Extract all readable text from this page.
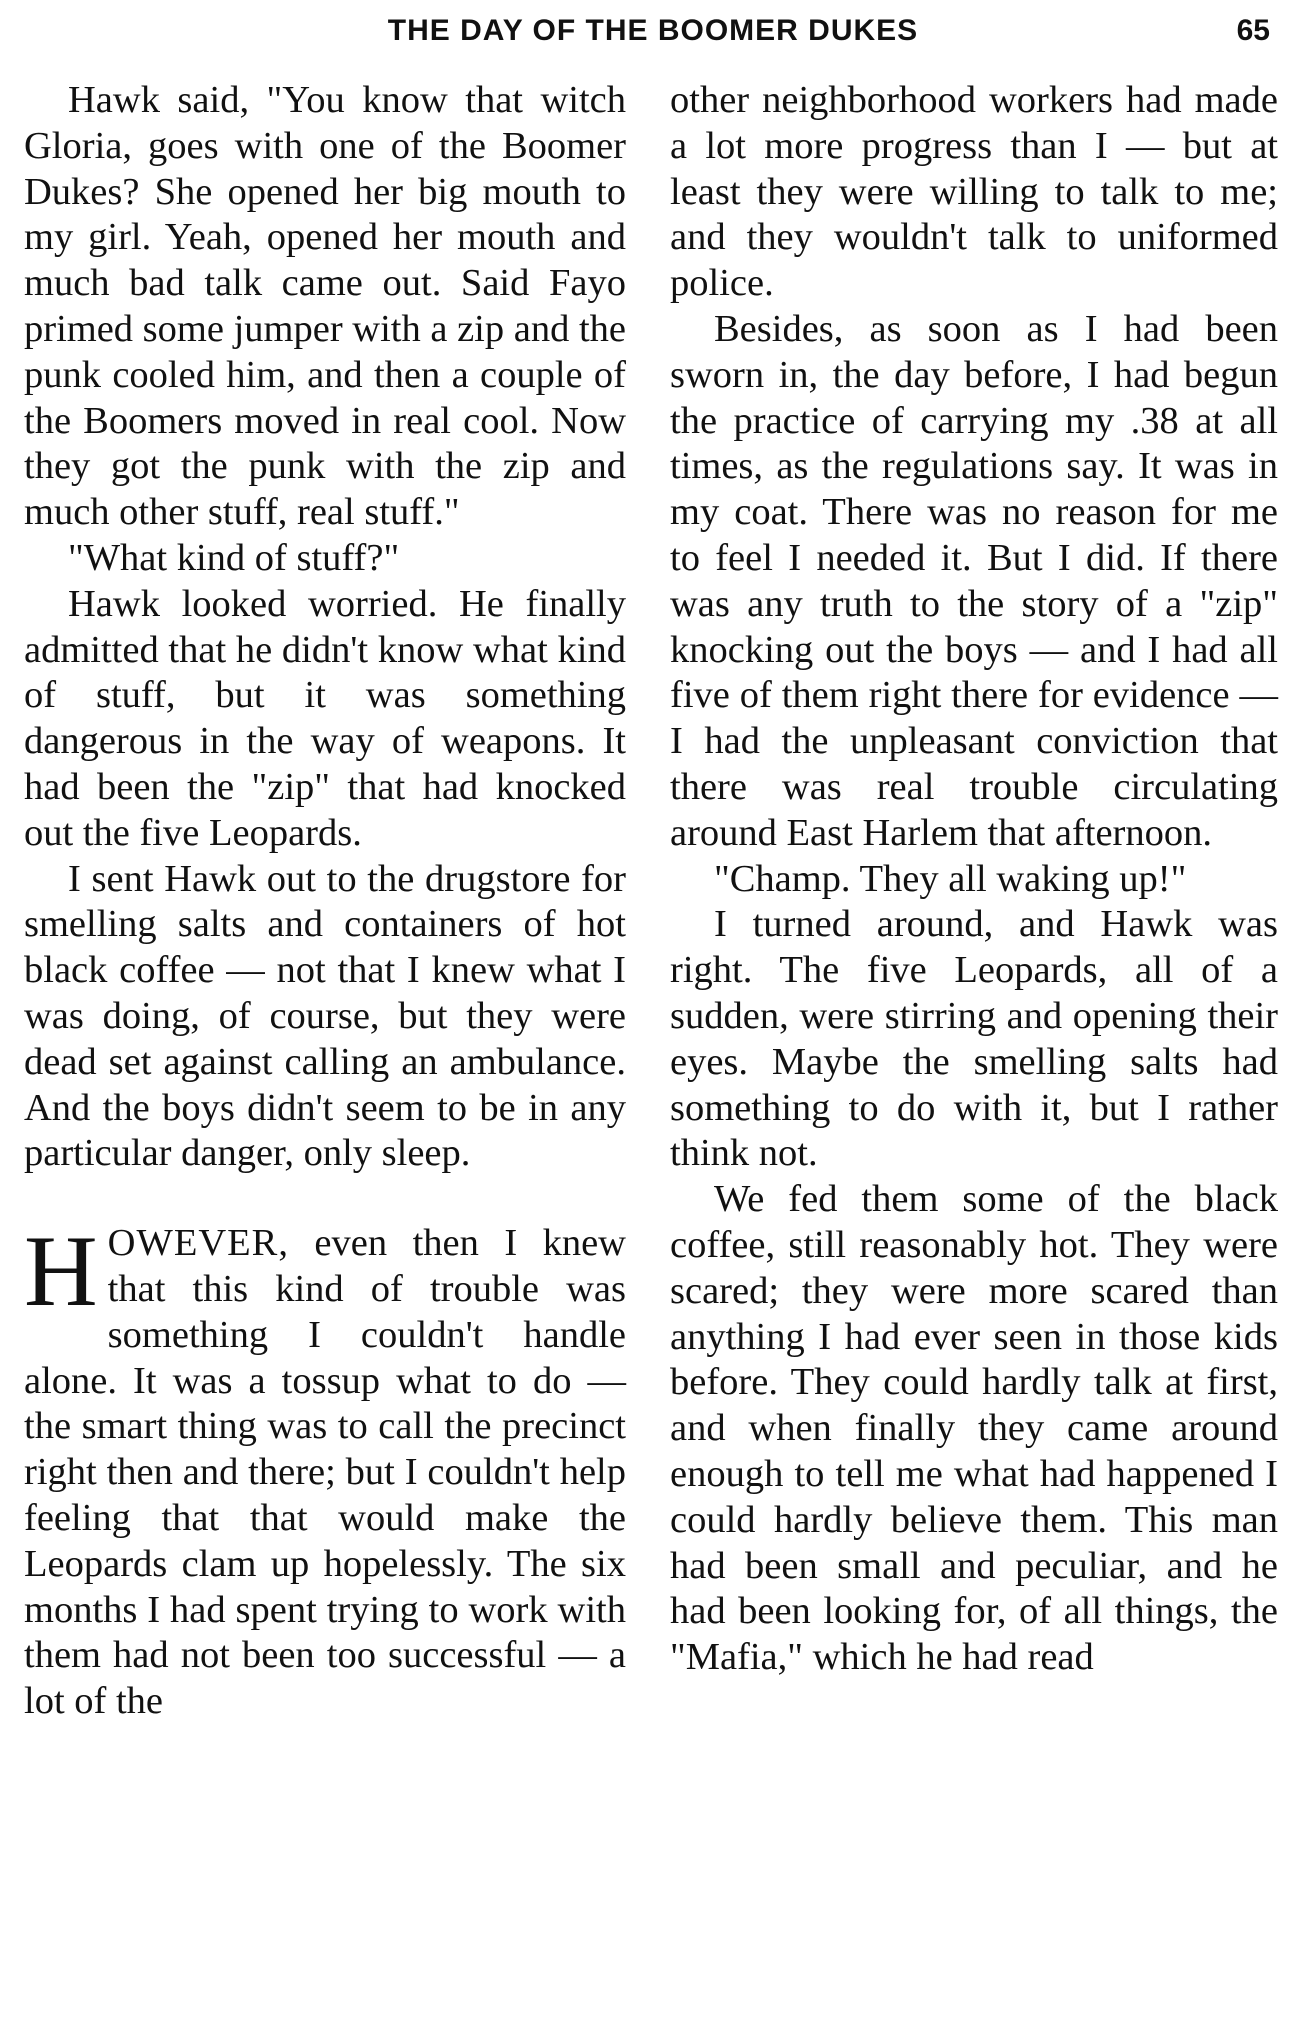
THE DAY OF THE BOOMER DUKES	65

Hawk said, "You know that witch Gloria, goes with one of the Boomer Dukes? She opened her big mouth to my girl. Yeah, opened her mouth and much bad talk came out. Said Fayo primed some jumper with a zip and the punk cooled him, and then a couple of the Boomers moved in real cool. Now they got the punk with the zip and much other stuff, real stuff."

"What kind of stuff?"

Hawk looked worried. He finally admitted that he didn't know what kind of stuff, but it was something dangerous in the way of weapons. It had been the "zip" that had knocked out the five Leopards.

I sent Hawk out to the drugstore for smelling salts and containers of hot black coffee — not that I knew what I was doing, of course, but they were dead set against calling an ambulance. And the boys didn't seem to be in any particular danger, only sleep.

HOWEVER, even then I knew that this kind of trouble was something I couldn't handle alone. It was a tossup what to do — the smart thing was to call the precinct right then and there; but I couldn't help feeling that that would make the Leopards clam up hopelessly. The six months I had spent trying to work with them had not been too successful — a lot of the

other neighborhood workers had made a lot more progress than I — but at least they were willing to talk to me; and they wouldn't talk to uniformed police.

Besides, as soon as I had been sworn in, the day before, I had begun the practice of carrying my .38 at all times, as the regulations say. It was in my coat. There was no reason for me to feel I needed it. But I did. If there was any truth to the story of a "zip" knocking out the boys — and I had all five of them right there for evidence — I had the unpleasant conviction that there was real trouble circulating around East Harlem that afternoon.

"Champ. They all waking up!"

I turned around, and Hawk was right. The five Leopards, all of a sudden, were stirring and opening their eyes. Maybe the smelling salts had something to do with it, but I rather think not.

We fed them some of the black coffee, still reasonably hot. They were scared; they were more scared than anything I had ever seen in those kids before. They could hardly talk at first, and when finally they came around enough to tell me what had happened I could hardly believe them. This man had been small and peculiar, and he had been looking for, of all things, the "Mafia," which he had read
